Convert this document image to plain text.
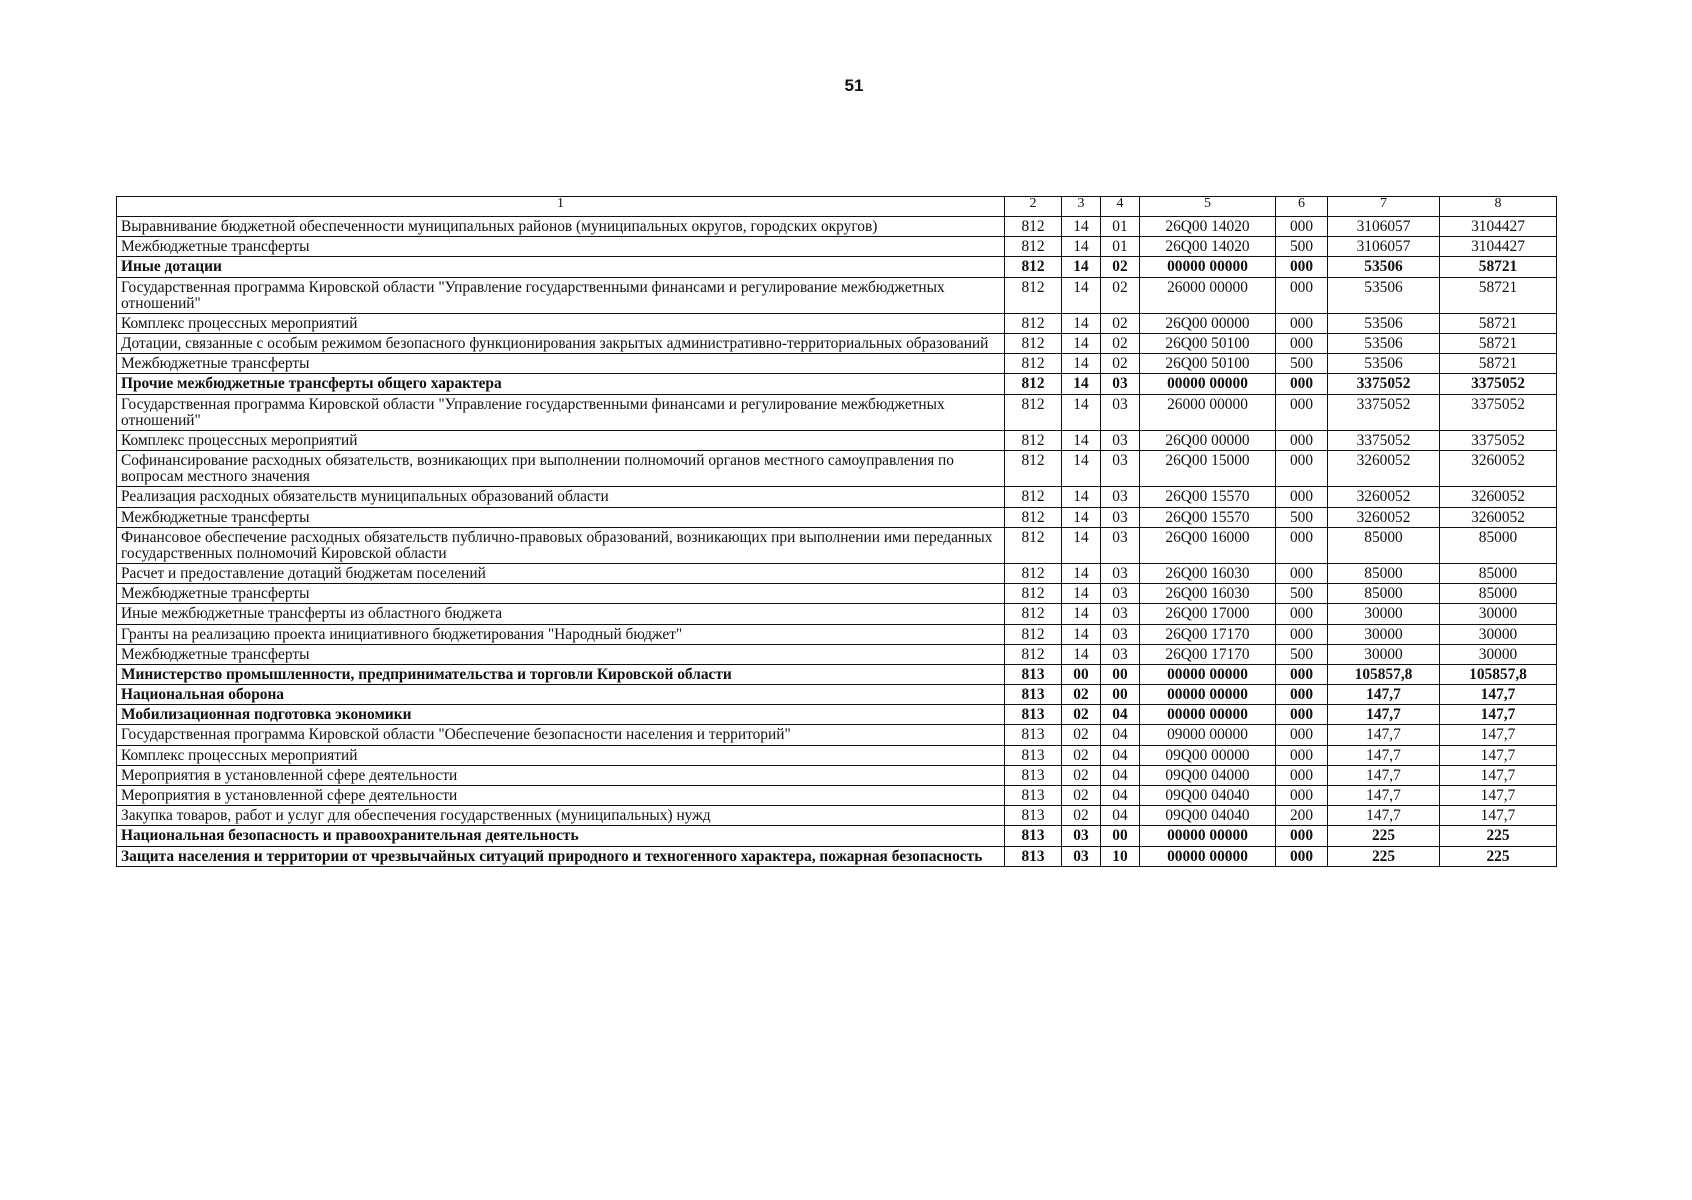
51
1	2	3	4	5	6	7	8
Выравнивание бюджетной обеспеченности муниципальных районов (муниципальных округов, городских округов)	812	14	01	26Q00 14020	000	3106057	3104427
Межбюджетные трансферты	812	14	01	26Q00 14020	500	3106057	3104427
Иные дотации	812	14	02	00000 00000	000	53506	58721
Государственная программа Кировской области "Управление государственными финансами и регулирование межбюджетных отношений"	812	14	02	26000 00000	000	53506	58721
Комплекс процессных мероприятий	812	14	02	26Q00 00000	000	53506	58721
Дотации, связанные с особым режимом безопасного функционирования закрытых административно-территориальных образований	812	14	02	26Q00 50100	000	53506	58721
Межбюджетные трансферты	812	14	02	26Q00 50100	500	53506	58721
Прочие межбюджетные трансферты общего характера	812	14	03	00000 00000	000	3375052	3375052
Государственная программа Кировской области "Управление государственными финансами и регулирование межбюджетных отношений"	812	14	03	26000 00000	000	3375052	3375052
Комплекс процессных мероприятий	812	14	03	26Q00 00000	000	3375052	3375052
Софинансирование расходных обязательств, возникающих при выполнении полномочий органов местного самоуправления по вопросам местного значения	812	14	03	26Q00 15000	000	3260052	3260052
Реализация расходных обязательств муниципальных образований области	812	14	03	26Q00 15570	000	3260052	3260052
Межбюджетные трансферты	812	14	03	26Q00 15570	500	3260052	3260052
Финансовое обеспечение расходных обязательств публично-правовых образований, возникающих при выполнении ими переданных государственных полномочий Кировской области	812	14	03	26Q00 16000	000	85000	85000
Расчет и предоставление дотаций бюджетам поселений	812	14	03	26Q00 16030	000	85000	85000
Межбюджетные трансферты	812	14	03	26Q00 16030	500	85000	85000
Иные межбюджетные трансферты из областного бюджета	812	14	03	26Q00 17000	000	30000	30000
Гранты на реализацию проекта инициативного бюджетирования "Народный бюджет"	812	14	03	26Q00 17170	000	30000	30000
Межбюджетные трансферты	812	14	03	26Q00 17170	500	30000	30000
Министерство промышленности, предпринимательства и торговли Кировской области	813	00	00	00000 00000	000	105857,8	105857,8
Национальная оборона	813	02	00	00000 00000	000	147,7	147,7
Мобилизационная подготовка экономики	813	02	04	00000 00000	000	147,7	147,7
Государственная программа Кировской области "Обеспечение безопасности населения и территорий"	813	02	04	09000 00000	000	147,7	147,7
Комплекс процессных мероприятий	813	02	04	09Q00 00000	000	147,7	147,7
Мероприятия в установленной сфере деятельности	813	02	04	09Q00 04000	000	147,7	147,7
Мероприятия в установленной сфере деятельности	813	02	04	09Q00 04040	000	147,7	147,7
Закупка товаров, работ и услуг для обеспечения государственных (муниципальных) нужд	813	02	04	09Q00 04040	200	147,7	147,7
Национальная безопасность и правоохранительная деятельность	813	03	00	00000 00000	000	225	225
Защита населения и территории от чрезвычайных ситуаций природного и техногенного характера, пожарная безопасность	813	03	10	00000 00000	000	225	225
